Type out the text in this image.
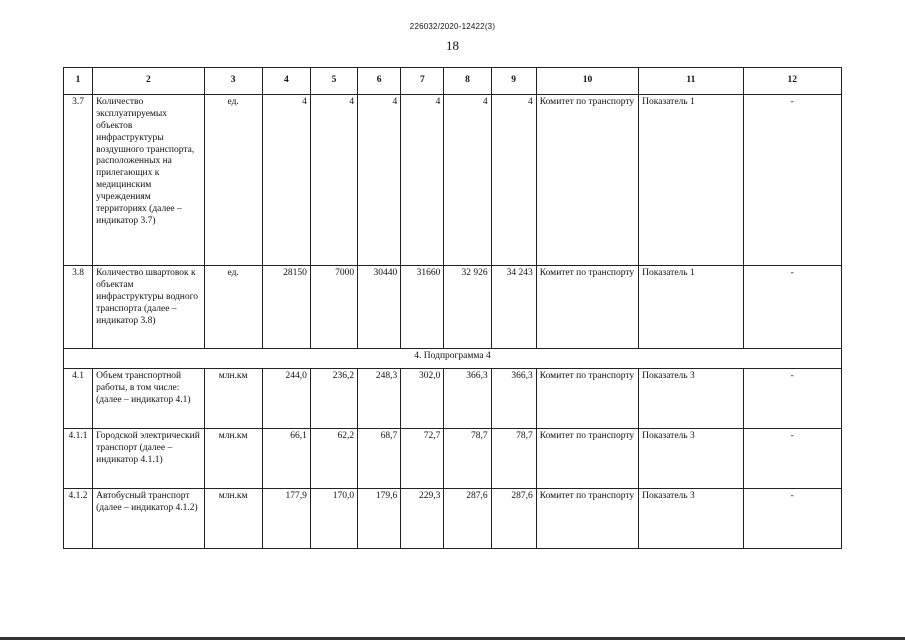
226032/2020-12422(3)
18
1	2	3	4	5	6	7	8	9	10	11	12
3.7	Количество эксплуатируемых объектов инфраструктуры воздушного транспорта, расположенных на прилегающих к медицинским учреждениям территориях (далее – индикатор 3.7)	ед.	4	4	4	4	4	4	Комитет по транспорту	Показатель 1	-
3.8	Количество швартовок к объектам инфраструктуры водного транспорта (далее – индикатор 3.8)	ед.	28150	7000	30440	31660	32 926	34 243	Комитет по транспорту	Показатель 1	-
4. Подпрограмма 4											
4.1	Объем транспортной работы, в том числе: (далее – индикатор 4.1)	млн.км	244,0	236,2	248,3	302,0	366,3	366,3	Комитет по транспорту	Показатель 3	-
4.1.1	Городской электрический транспорт (далее – индикатор 4.1.1)	млн.км	66,1	62,2	68,7	72,7	78,7	78,7	Комитет по транспорту	Показатель 3	-
4.1.2	Автобусный транспорт (далее – индикатор 4.1.2)	млн.км	177,9	170,0	179,6	229,3	287,6	287,6	Комитет по транспорту	Показатель 3	-
